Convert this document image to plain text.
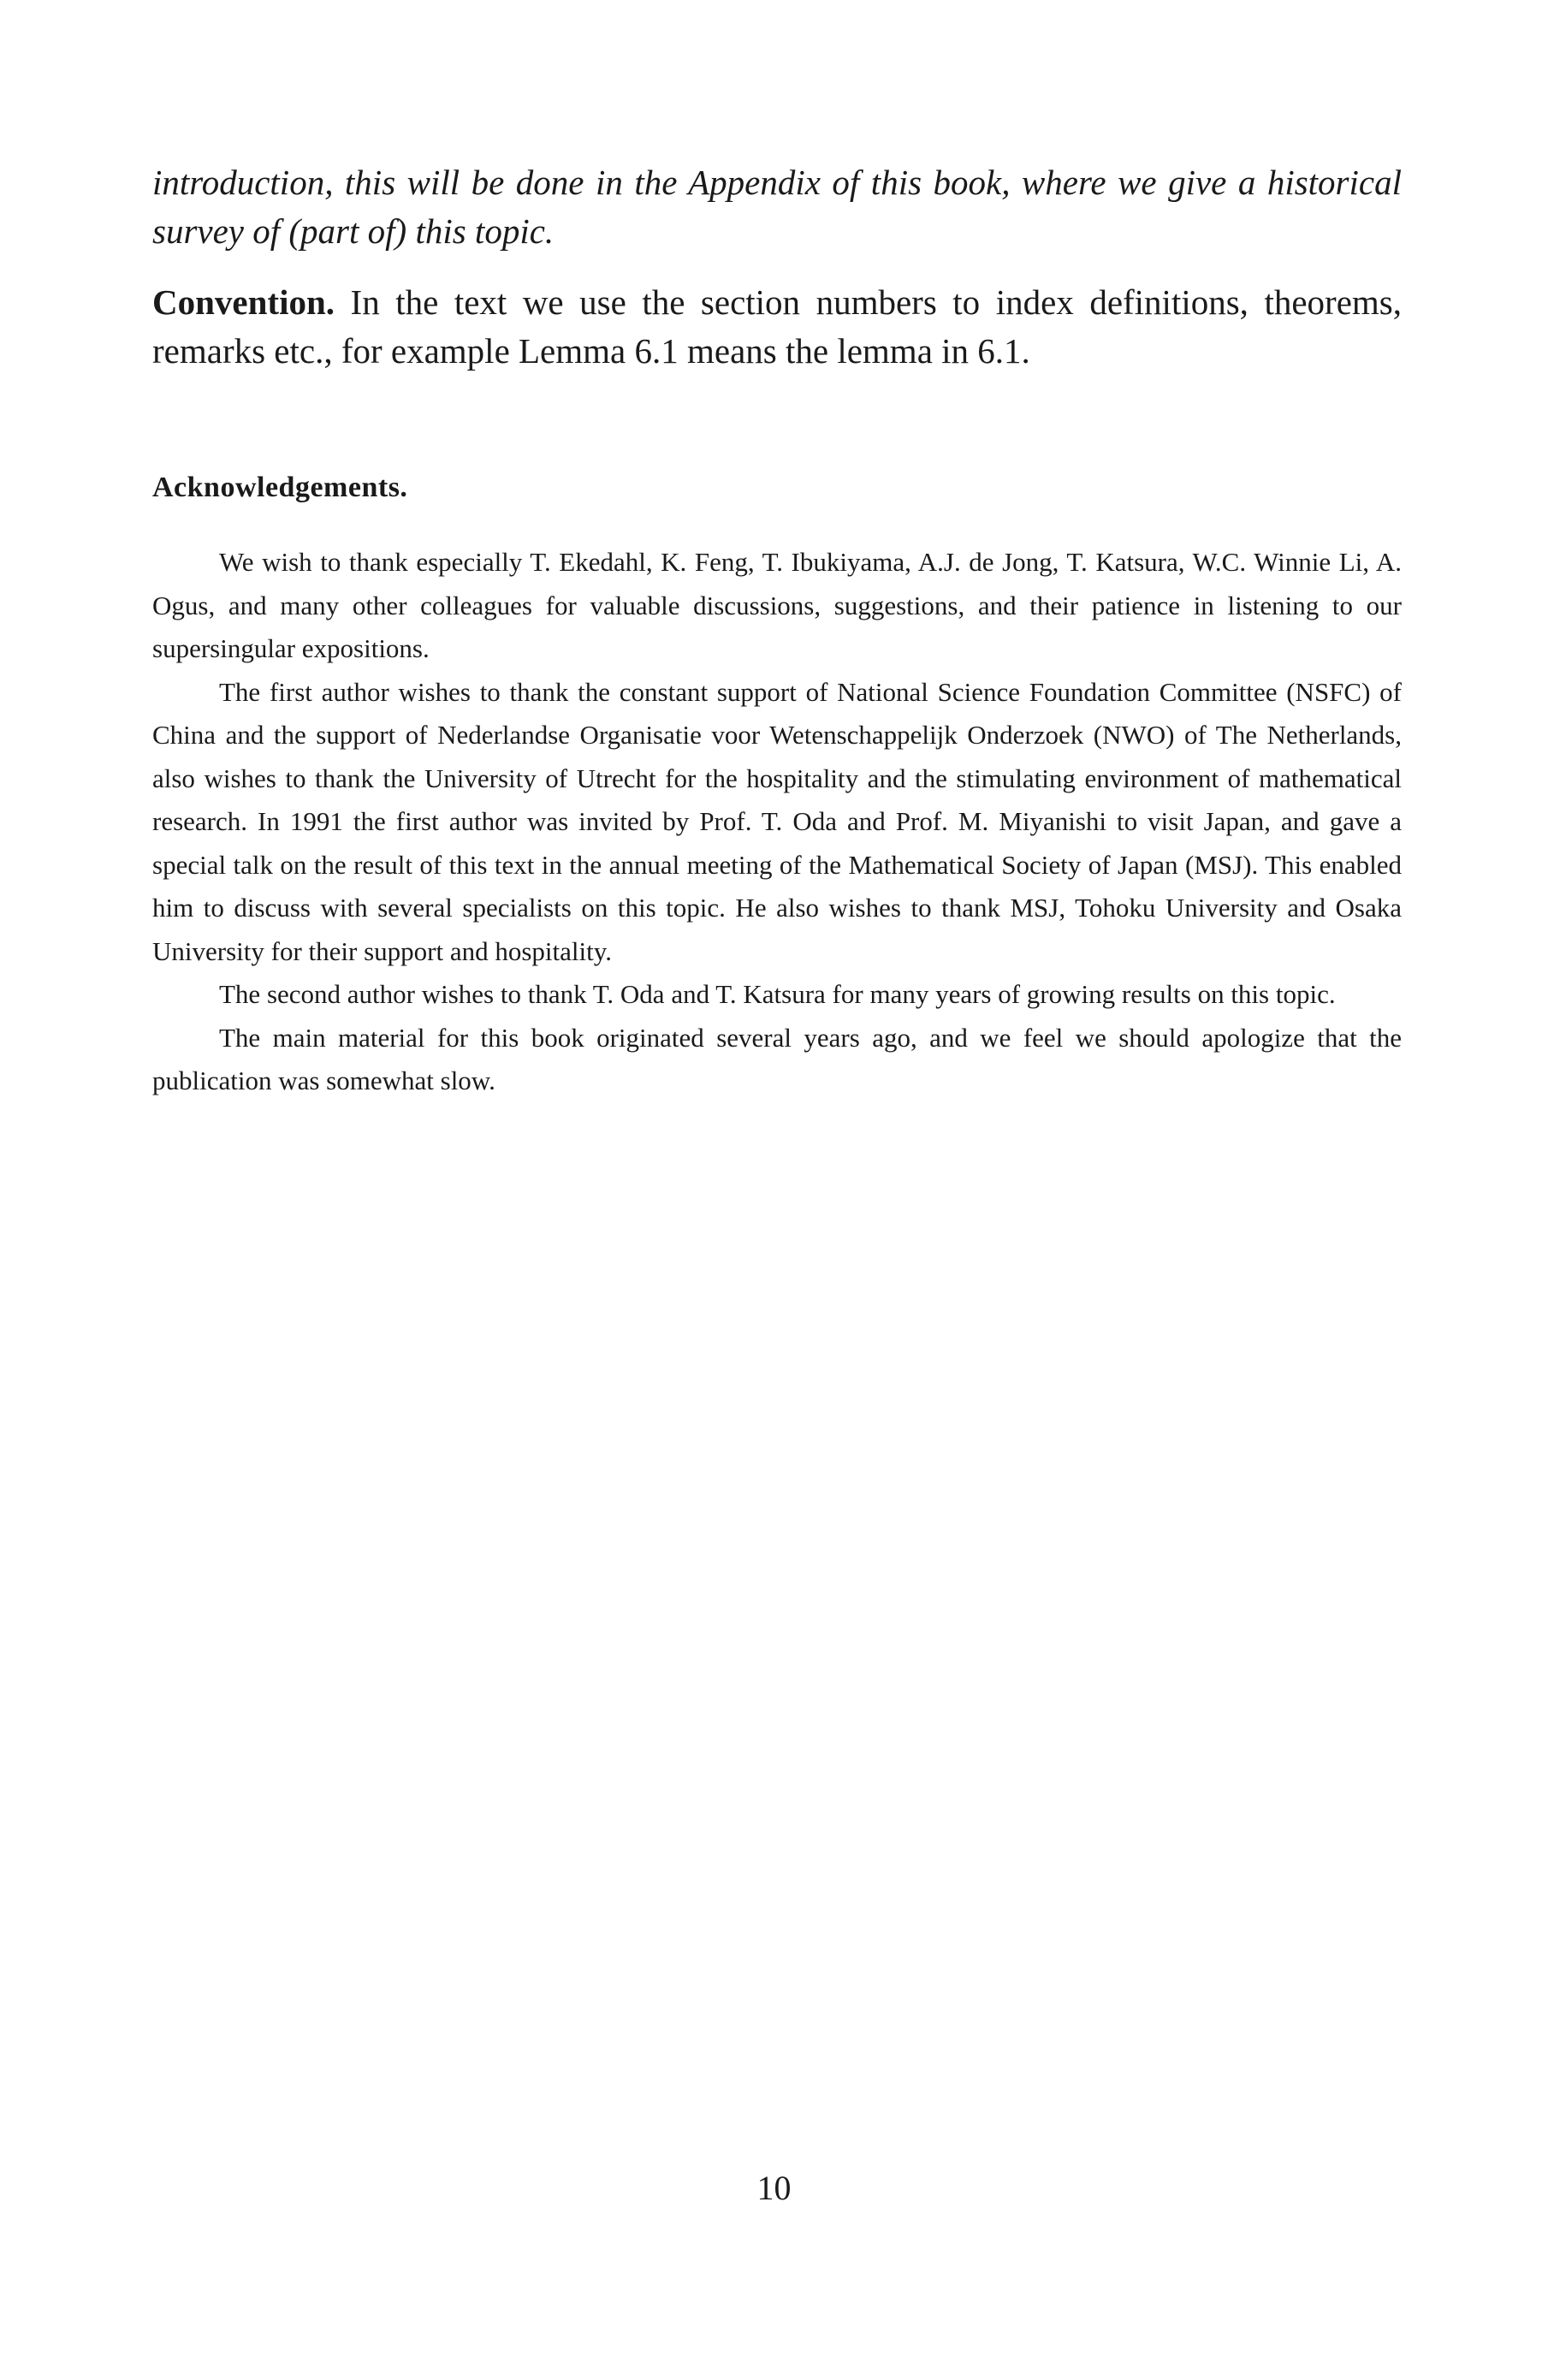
introduction, this will be done in the Appendix of this book, where we give a historical survey of (part of) this topic.
Convention. In the text we use the section numbers to index definitions, theorems, remarks etc., for example Lemma 6.1 means the lemma in 6.1.
Acknowledgements.

We wish to thank especially T. Ekedahl, K. Feng, T. Ibukiyama, A.J. de Jong, T. Katsura, W.C. Winnie Li, A. Ogus, and many other colleagues for valuable discussions, suggestions, and their patience in listening to our supersingular expositions.

The first author wishes to thank the constant support of National Science Foundation Committee (NSFC) of China and the support of Nederlandse Organisatie voor Wetenschappelijk Onderzoek (NWO) of The Netherlands, also wishes to thank the University of Utrecht for the hospitality and the stimulating environment of mathematical research. In 1991 the first author was invited by Prof. T. Oda and Prof. M. Miyanishi to visit Japan, and gave a special talk on the result of this text in the annual meeting of the Mathematical Society of Japan (MSJ). This enabled him to discuss with several specialists on this topic. He also wishes to thank MSJ, Tohoku University and Osaka University for their support and hospitality.

The second author wishes to thank T. Oda and T. Katsura for many years of growing results on this topic.

The main material for this book originated several years ago, and we feel we should apologize that the publication was somewhat slow.

10
